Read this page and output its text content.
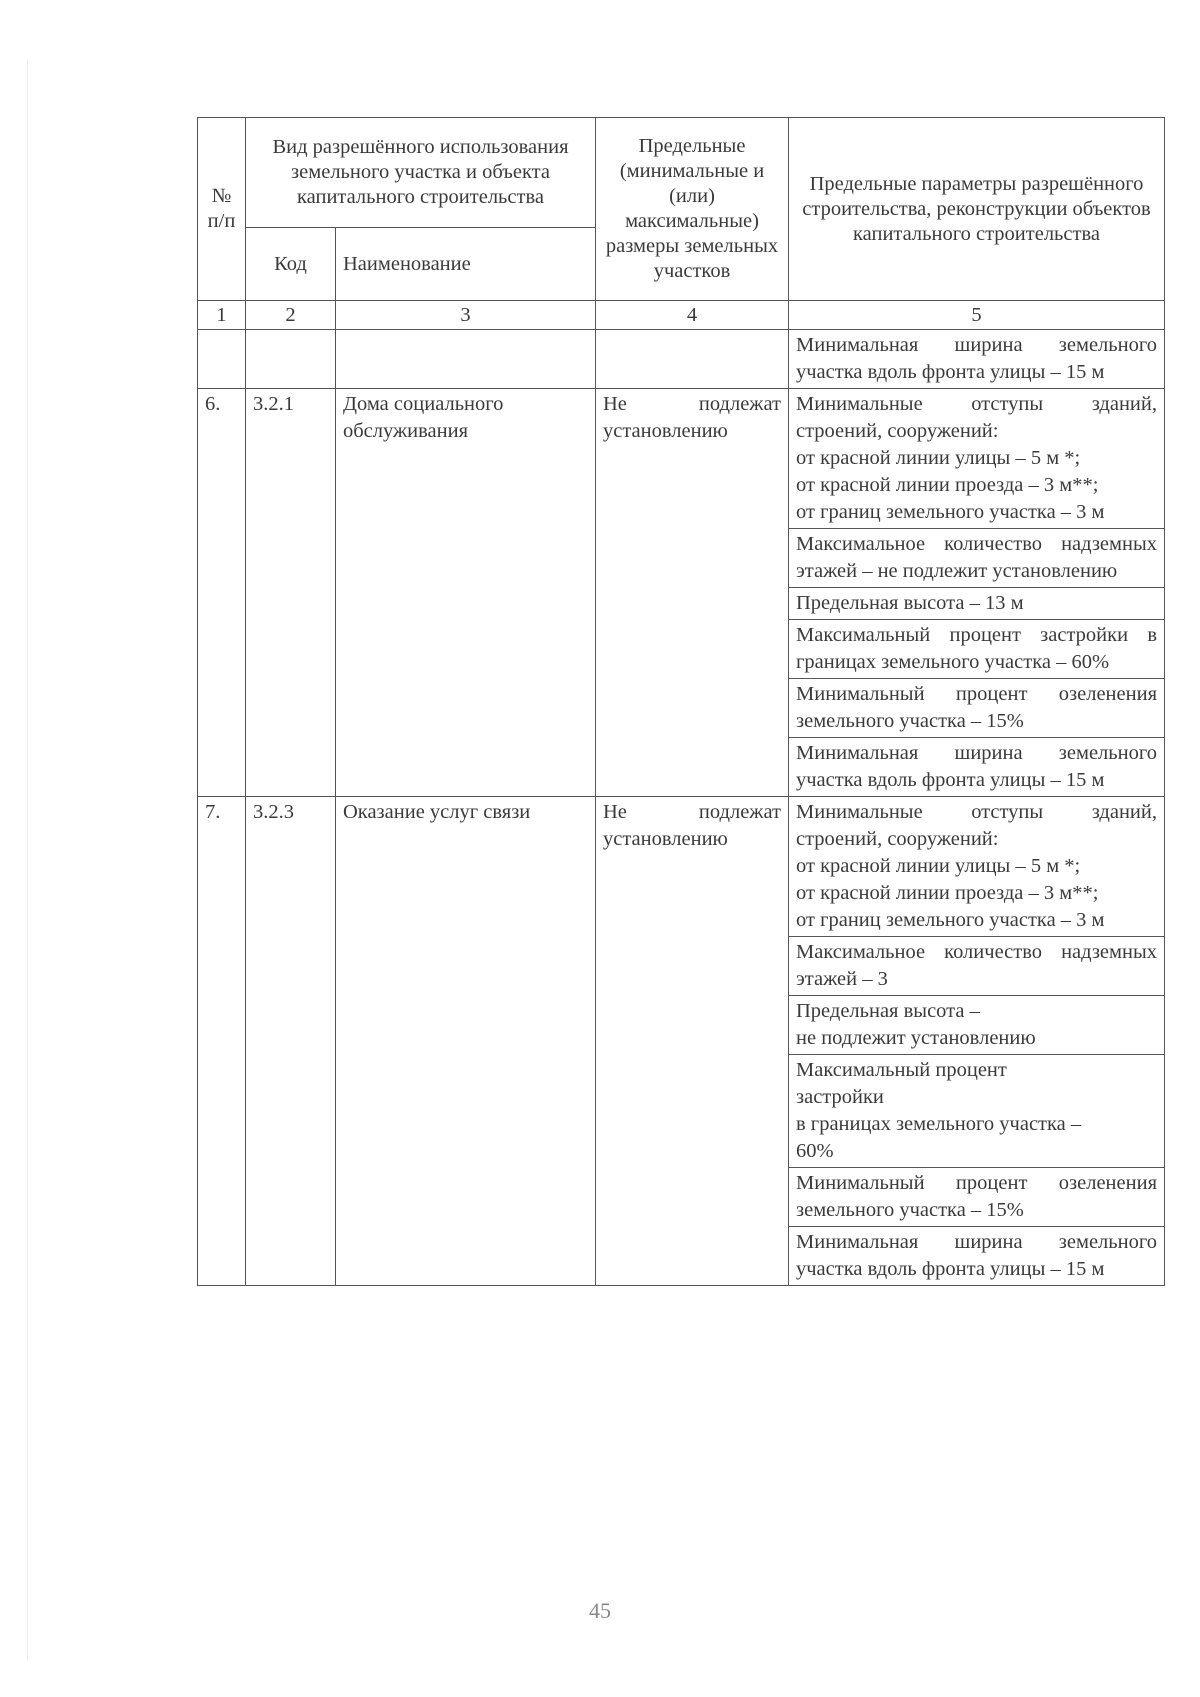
№ п/п	Вид разрешённого использования земельного участка и объекта капитального строительства		Предельные (минимальные и (или) максимальные) размеры земельных участков	Предельные параметры разрешённого строительства, реконструкции объектов капитального строительства
	Код	Наименование		
1	2	3	4	5
				Минимальная ширина земельного участка вдоль фронта улицы – 15 м
6.	3.2.1	Дома социального обслуживания	Не подлежат установлению	Минимальные отступы зданий, строений, сооружений:
от красной линии улицы – 5 м *;
от красной линии проезда – 3 м**;
от границ земельного участка – 3 м

				Максимальное количество надземных этажей – не подлежит установлению
				Предельная высота – 13 м
				Максимальный процент застройки в границах земельного участка – 60%
				Минимальный процент озеленения земельного участка – 15%
				Минимальная ширина земельного участка вдоль фронта улицы – 15 м
7.	3.2.3	Оказание услуг связи	Не подлежат установлению	Минимальные отступы зданий, строений, сооружений:
от красной линии улицы – 5 м *;
от красной линии проезда – 3 м**;
от границ земельного участка – 3 м

				Максимальное количество надземных этажей – 3

				Предельная высота –
не подлежит установлению

				Максимальный процент
застройки
в границах земельного участка –
60%

				Минимальный процент озеленения земельного участка – 15%
				Минимальная ширина земельного участка вдоль фронта улицы – 15 м
45
